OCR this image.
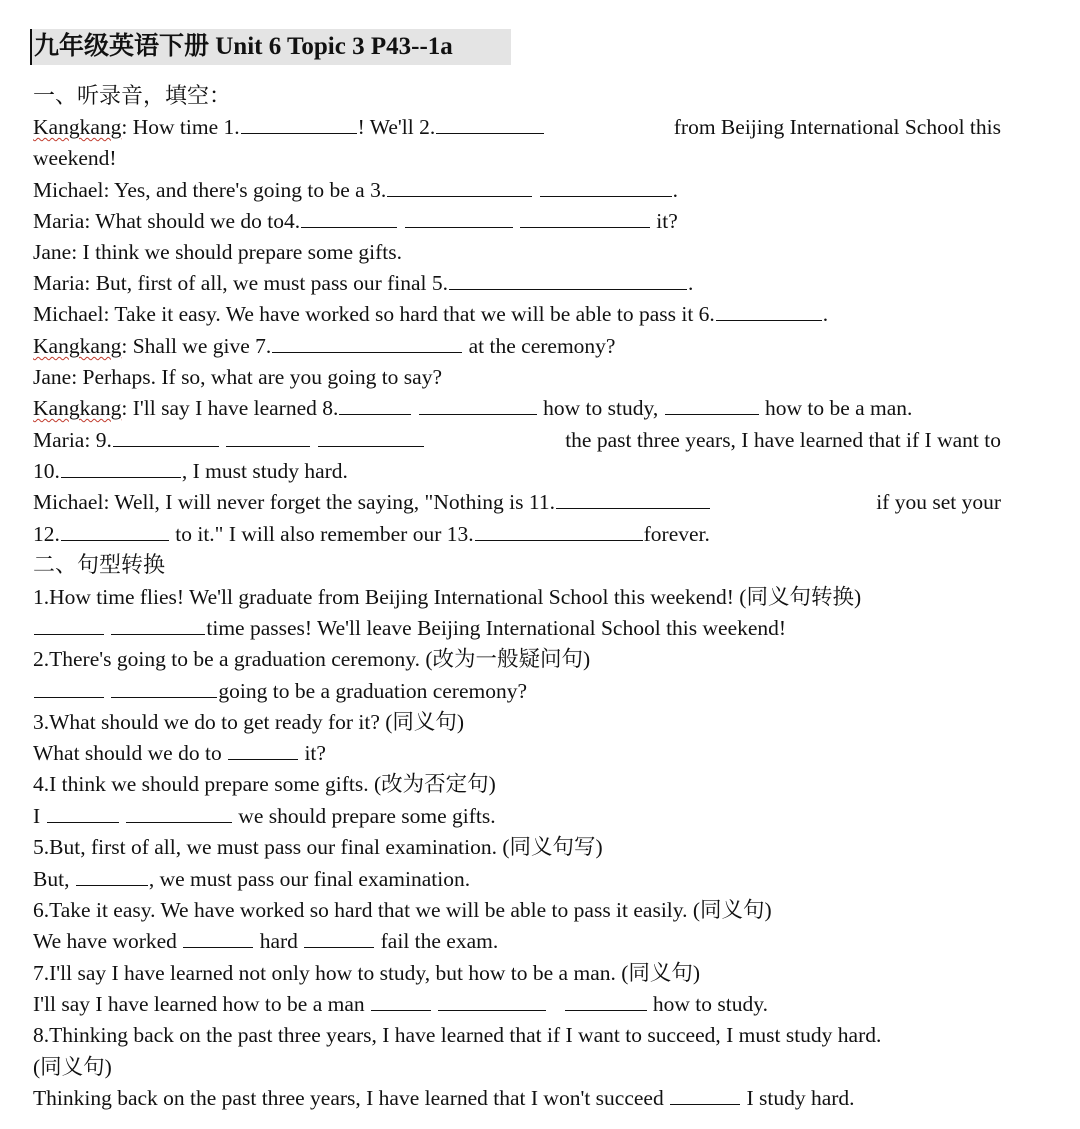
九年级英语下册 Unit 6 Topic 3 P43--1a
一、听录音，填空：
Kangkang: How time 1.	! We'll 2.	from Beijing International School this
weekend!
Michael: Yes, and there's going to be a 3.	.
Maria: What should we do to4.	it?
Jane: I think we should prepare some gifts.
Maria: But, first of all, we must pass our final 5.	.
Michael: Take it easy. We have worked so hard that we will be able to pass it 6.	.
Kangkang: Shall we give 7.	at the ceremony?
Jane: Perhaps. If so, what are you going to say?
Kangkang: I'll say I have learned 8.	how to study,	how to be a man.
Maria: 9.	the past three years, I have learned that if I want to
10.	, I must study hard.
Michael: Well, I will never forget the saying, "Nothing is 11.	if you set your
12.	to it." I will also remember our 13.	forever.
二、句型转换
1.How time flies! We'll graduate from Beijing International School this weekend! (同义句转换)
time passes! We'll leave Beijing International School this weekend!
2.There's going to be a graduation ceremony. (改为一般疑问句)
going to be a graduation ceremony?
3.What should we do to get ready for it? (同义句)
What should we do to	it?
4.I think we should prepare some gifts. (改为否定句)
I	we should prepare some gifts.
5.But, first of all, we must pass our final examination. (同义句写)
But,	, we must pass our final examination.
6.Take it easy. We have worked so hard that we will be able to pass it easily. (同义句)
We have worked	hard	fail the exam.
7.I'll say I have learned not only how to study, but how to be a man. (同义句)
I'll say I have learned how to be a man	how to study.
8.Thinking back on the past three years, I have learned that if I want to succeed, I must study hard.
(同义句)
Thinking back on the past three years, I have learned that I won't succeed	I study hard.
